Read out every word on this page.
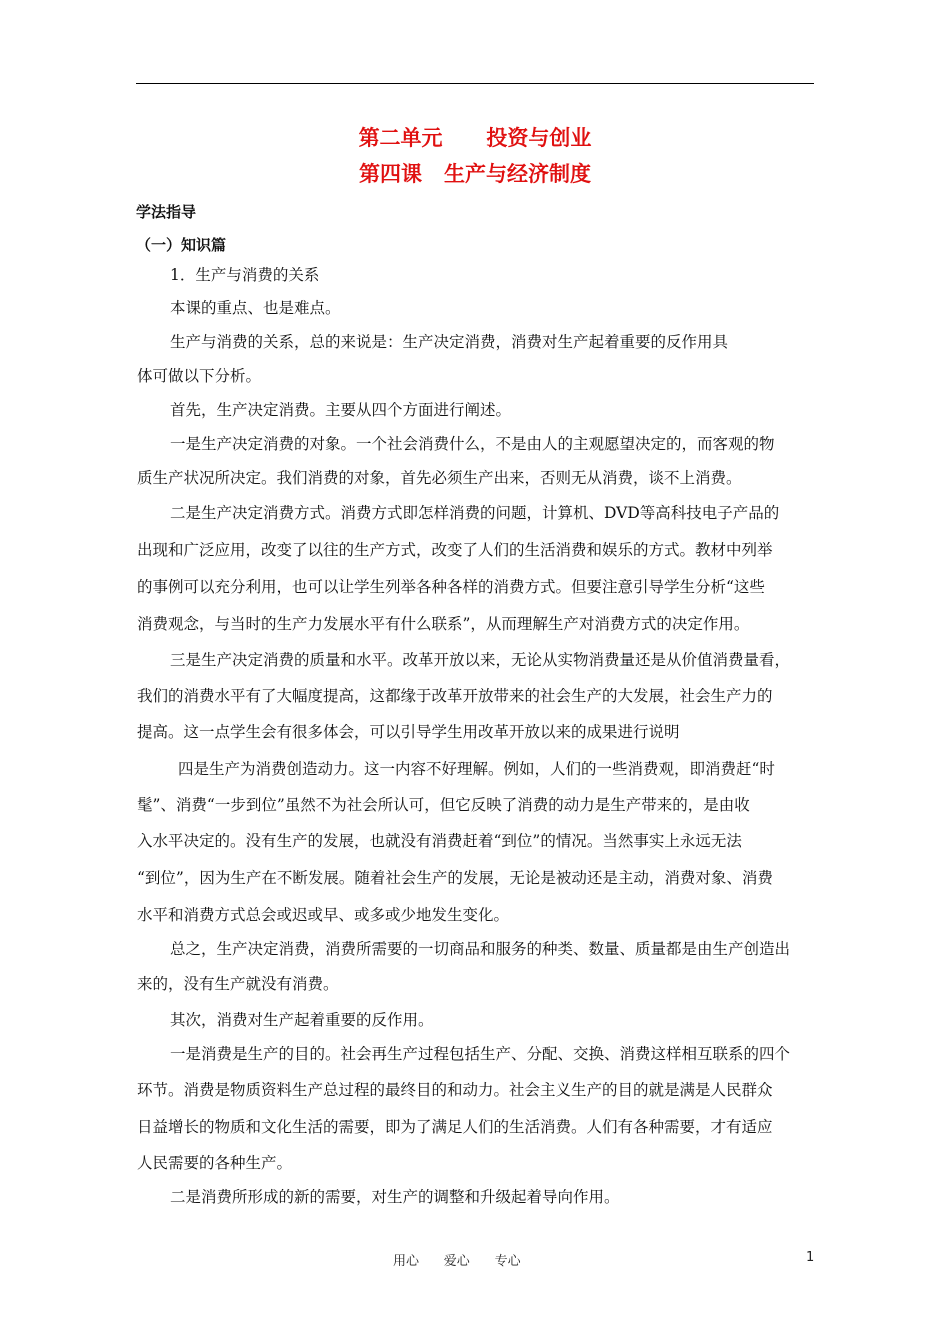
第二单元      投资与创业
第四课   生产与经济制度
学法指导
（一）知识篇
1．生产与消费的关系
本课的重点、也是难点。
生产与消费的关系，总的来说是：生产决定消费，消费对生产起着重要的反作用具
体可做以下分析。
首先，生产决定消费。主要从四个方面进行阐述。
一是生产决定消费的对象。一个社会消费什么，不是由人的主观愿望决定的，而客观的物
质生产状况所决定。我们消费的对象，首先必须生产出来，否则无从消费，谈不上消费。
二是生产决定消费方式。消费方式即怎样消费的问题，计算机、DVD等高科技电子产品的
出现和广泛应用，改变了以往的生产方式，改变了人们的生活消费和娱乐的方式。教材中列举
的事例可以充分利用，也可以让学生列举各种各样的消费方式。但要注意引导学生分析“这些
消费观念，与当时的生产力发展水平有什么联系”，从而理解生产对消费方式的决定作用。
三是生产决定消费的质量和水平。改革开放以来，无论从实物消费量还是从价值消费量看，
我们的消费水平有了大幅度提高，这都缘于改革开放带来的社会生产的大发展，社会生产力的
提高。这一点学生会有很多体会，可以引导学生用改革开放以来的成果进行说明
四是生产为消费创造动力。这一内容不好理解。例如，人们的一些消费观，即消费赶“时
髦”、消费“一步到位”虽然不为社会所认可，但它反映了消费的动力是生产带来的，是由收
入水平决定的。没有生产的发展，也就没有消费赶着“到位”的情况。当然事实上永远无法
“到位”，因为生产在不断发展。随着社会生产的发展，无论是被动还是主动，消费对象、消费
水平和消费方式总会或迟或早、或多或少地发生变化。
总之，生产决定消费，消费所需要的一切商品和服务的种类、数量、质量都是由生产创造出
来的，没有生产就没有消费。
其次，消费对生产起着重要的反作用。
一是消费是生产的目的。社会再生产过程包括生产、分配、交换、消费这样相互联系的四个
环节。消费是物质资料生产总过程的最终目的和动力。社会主义生产的目的就是满是人民群众
日益增长的物质和文化生活的需要，即为了满足人们的生活消费。人们有各种需要，才有适应
人民需要的各种生产。
二是消费所形成的新的需要，对生产的调整和升级起着导向作用。
用心      爱心      专心	1
